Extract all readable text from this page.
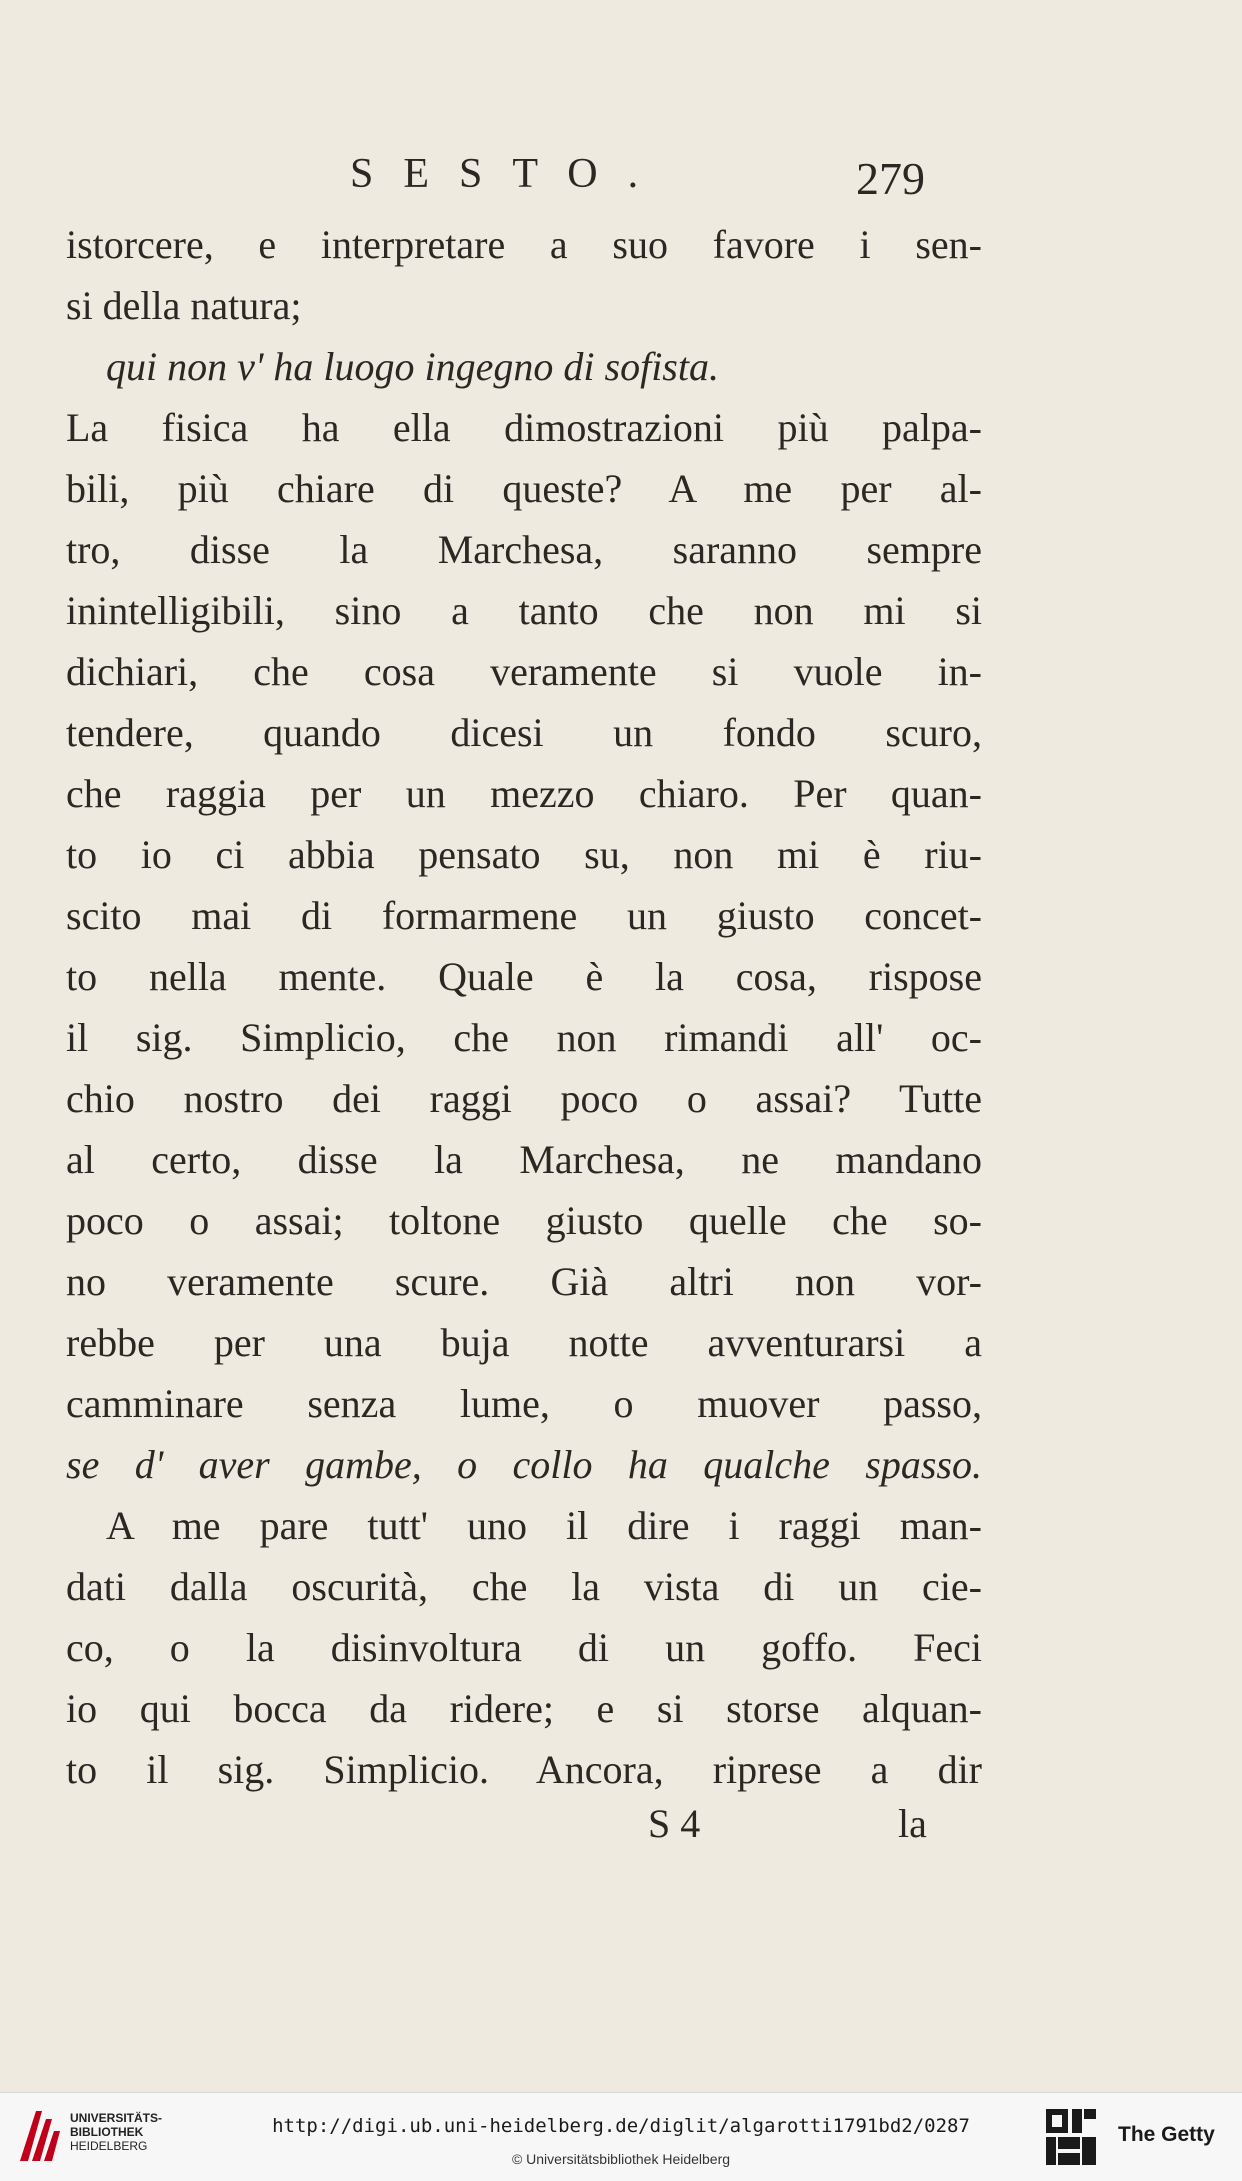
SESTO.	279
istorcere, e interpretare a suo favore i sen-
si della natura;
qui non v' ha luogo ingegno di sofista.
La fisica ha ella dimostrazioni più palpa-
bili, più chiare di queste? A me per al-
tro, disse la Marchesa, saranno sempre
inintelligibili, sino a tanto che non mi si
dichiari, che cosa veramente si vuole in-
tendere, quando dicesi un fondo scuro,
che raggia per un mezzo chiaro. Per quan-
to io ci abbia pensato su, non mi è riu-
scito mai di formarmene un giusto concet-
to nella mente. Quale è la cosa, rispose
il sig. Simplicio, che non rimandi all' oc-
chio nostro dei raggi poco o assai? Tutte
al certo, disse la Marchesa, ne mandano
poco o assai; toltone giusto quelle che so-
no veramente scure. Già altri non vor-
rebbe per una buja notte avventurarsi a
camminare senza lume, o muover passo,
se d' aver gambe, o collo ha qualche spasso.
A me pare tutt' uno il dire i raggi man-
dati dalla oscurità, che la vista di un cie-
co, o la disinvoltura di un goffo. Feci
io qui bocca da ridere; e si storse alquan-
to il sig. Simplicio. Ancora, riprese a dir
S 4	la
UNIVERSITÄTS-
BIBLIOTHEK
HEIDELBERG
http://digi.ub.uni-heidelberg.de/diglit/algarotti1791bd2/0287
© Universitätsbibliothek Heidelberg
The Getty
